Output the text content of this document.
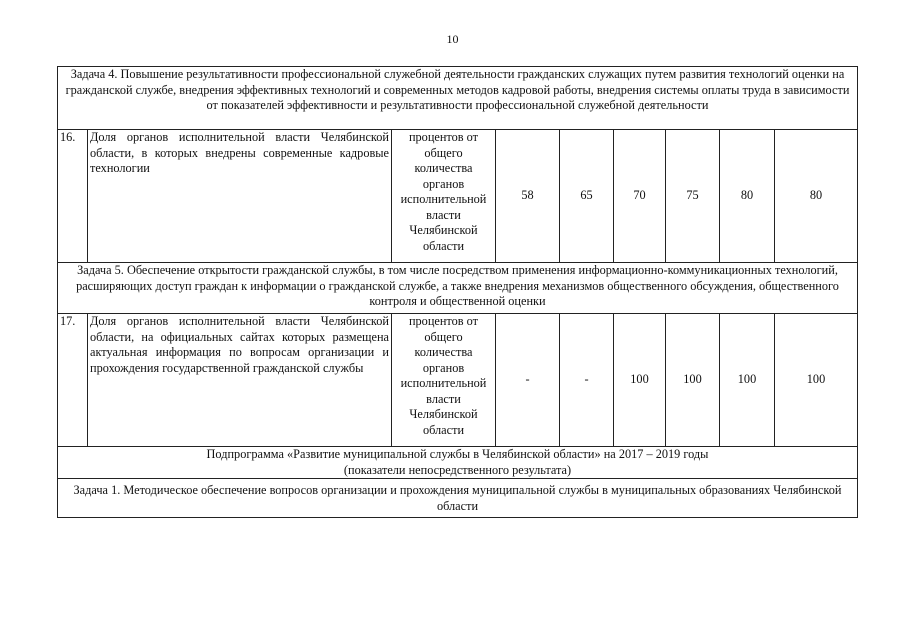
10
Задача 4. Повышение результативности профессиональной служебной деятельности гражданских служащих путем развития технологий оценки на гражданской службе, внедрения эффективных технологий и современных методов кадровой работы, внедрения системы оплаты труда в зависимости от показателей эффективности и результативности профессиональной служебной деятельности								
16.	Доля органов исполнительной власти Челябинской области, в которых внедрены современные кадровые технологии	процентов от общего количества органов исполнительной власти Челябинской области	58	65	70	75	80	80
Задача 5. Обеспечение открытости гражданской службы, в том числе посредством применения информационно-коммуникационных технологий, расширяющих доступ граждан к информации о гражданской службе, а также внедрения механизмов общественного обсуждения, общественного контроля и общественной оценки								
17.	Доля органов исполнительной власти Челябинской области, на официальных сайтах которых размещена актуальная информация по вопросам организации и прохождения государственной гражданской службы	процентов от общего количества органов исполнительной власти Челябинской области	-	-	100	100	100	100

Подпрограмма «Развитие муниципальной службы в Челябинской области» на 2017 – 2019 годы
(показатели непосредственного результата)								

Задача 1. Методическое обеспечение вопросов организации и прохождения муниципальной службы в муниципальных образованиях Челябинской области								
